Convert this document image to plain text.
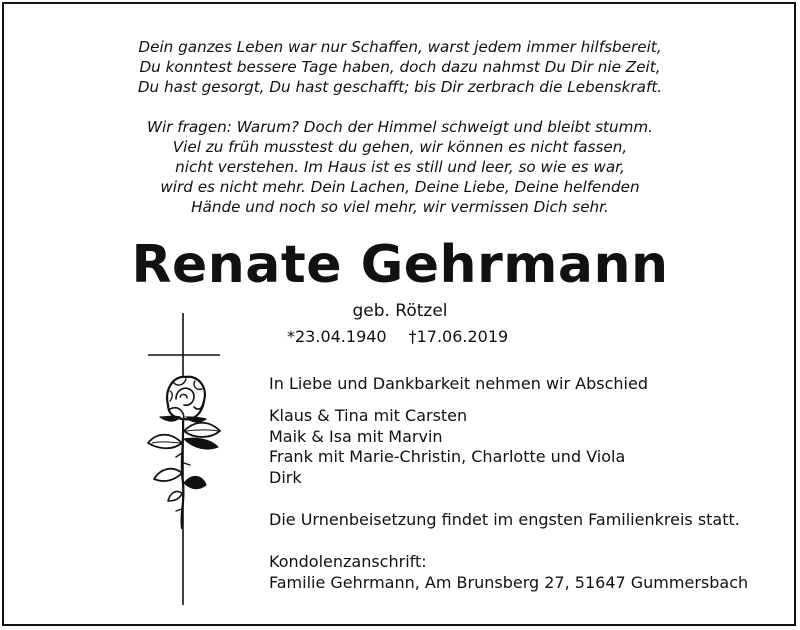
Dein ganzes Leben war nur Schaffen, warst jedem immer hilfsbereit,
Du konntest bessere Tage haben, doch dazu nahmst Du Dir nie Zeit,
Du hast gesorgt, Du hast geschafft; bis Dir zerbrach die Lebenskraft.
Wir fragen: Warum? Doch der Himmel schweigt und bleibt stumm.
Viel zu früh musstest du gehen, wir können es nicht fassen,
nicht verstehen. Im Haus ist es still und leer, so wie es war,
wird es nicht mehr. Dein Lachen, Deine Liebe, Deine helfenden
Hände und noch so viel mehr, wir vermissen Dich sehr.
Renate Gehrmann
geb. Rötzel
*23.04.1940 †17.06.2019
In Liebe und Dankbarkeit nehmen wir Abschied
Klaus & Tina mit Carsten
Maik & Isa mit Marvin
Frank mit Marie-Christin, Charlotte und Viola
Dirk
Die Urnenbeisetzung findet im engsten Familienkreis statt.
Kondolenzanschrift:
Familie Gehrmann, Am Brunsberg 27, 51647 Gummersbach
